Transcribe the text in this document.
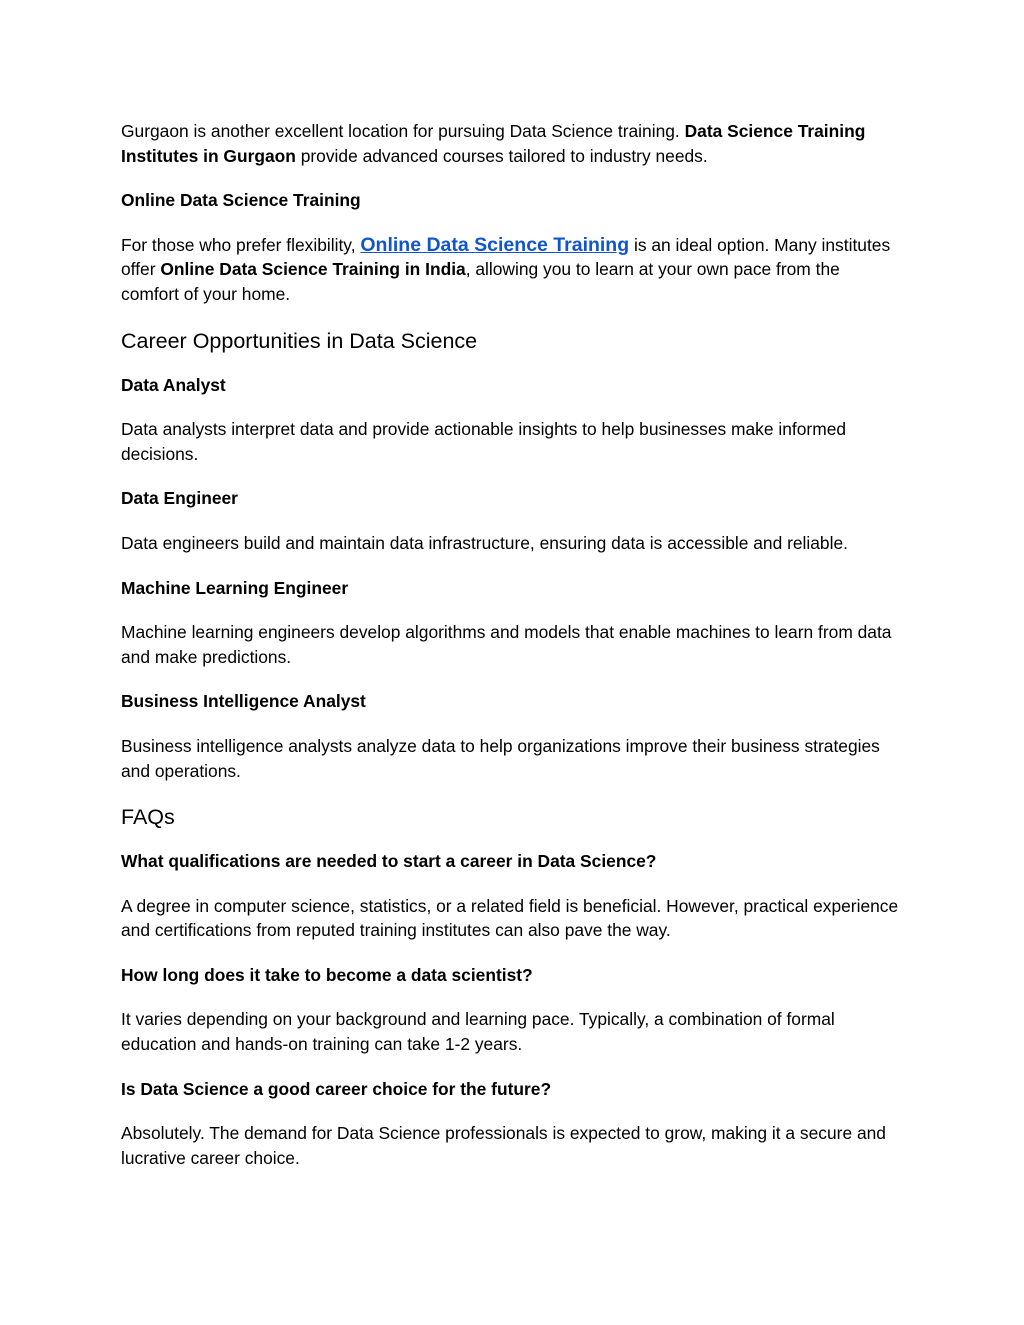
Gurgaon is another excellent location for pursuing Data Science training. Data Science Training Institutes in Gurgaon provide advanced courses tailored to industry needs.

Online Data Science Training

For those who prefer flexibility, Online Data Science Training is an ideal option. Many institutes offer Online Data Science Training in India, allowing you to learn at your own pace from the comfort of your home.

Career Opportunities in Data Science

Data Analyst

Data analysts interpret data and provide actionable insights to help businesses make informed decisions.

Data Engineer

Data engineers build and maintain data infrastructure, ensuring data is accessible and reliable.

Machine Learning Engineer

Machine learning engineers develop algorithms and models that enable machines to learn from data and make predictions.

Business Intelligence Analyst

Business intelligence analysts analyze data to help organizations improve their business strategies and operations.

FAQs

What qualifications are needed to start a career in Data Science?

A degree in computer science, statistics, or a related field is beneficial. However, practical experience and certifications from reputed training institutes can also pave the way.

How long does it take to become a data scientist?

It varies depending on your background and learning pace. Typically, a combination of formal education and hands-on training can take 1-2 years.

Is Data Science a good career choice for the future?

Absolutely. The demand for Data Science professionals is expected to grow, making it a secure and lucrative career choice.
